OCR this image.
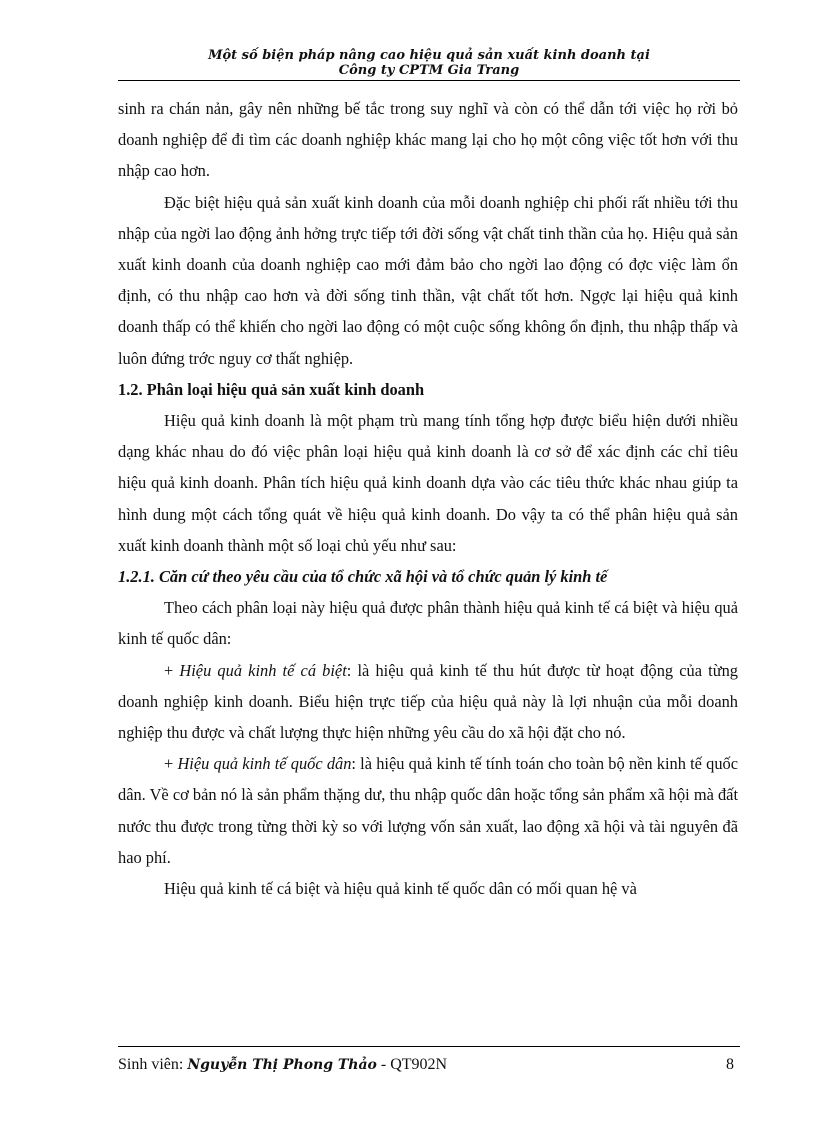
Một số biện pháp nâng cao hiệu quả sản xuất kinh doanh tại
Công ty CPTM Gia Trang

sinh ra chán nản, gây nên những bế tắc trong suy nghĩ và còn có thể dẫn tới việc họ rời bỏ doanh nghiệp để đi tìm các doanh nghiệp khác mang lại cho họ một công việc tốt hơn với thu nhập cao hơn.

Đặc biệt hiệu quả sản xuất kinh doanh của mỗi doanh nghiệp chi phối rất nhiều tới thu nhập của ngời lao động ảnh hởng trực tiếp tới đời sống vật chất tinh thần của họ. Hiệu quả sản xuất kinh doanh của doanh nghiệp cao mới đảm bảo cho ngời lao động có đợc việc làm ổn định, có thu nhập cao hơn và đời sống tinh thần, vật chất tốt hơn. Ngợc lại hiệu quả kinh doanh thấp có thể khiến cho ngời lao động có một cuộc sống không ổn định, thu nhập thấp và luôn đứng trớc nguy cơ thất nghiệp.

1.2. Phân loại hiệu quả sản xuất kinh doanh

Hiệu quả kinh doanh là một phạm trù mang tính tổng hợp được biểu hiện dưới nhiều dạng khác nhau do đó việc phân loại hiệu quả kinh doanh là cơ sở để xác định các chỉ tiêu hiệu quả kinh doanh. Phân tích hiệu quả kinh doanh dựa vào các tiêu thức khác nhau giúp ta hình dung một cách tổng quát về hiệu quả kinh doanh. Do vậy ta có thể phân hiệu quả sản xuất kinh doanh thành một số loại chủ yếu như sau:

1.2.1. Căn cứ theo yêu cầu của tổ chức xã hội và tổ chức quản lý kinh tế

Theo cách phân loại này hiệu quả được phân thành hiệu quả kinh tế cá biệt và hiệu quả kinh tế quốc dân:

+ Hiệu quả kinh tế cá biệt: là hiệu quả kinh tế thu hút được từ hoạt động của từng doanh nghiệp kinh doanh. Biểu hiện trực tiếp của hiệu quả này là lợi nhuận của mỗi doanh nghiệp thu được và chất lượng thực hiện những yêu cầu do xã hội đặt cho nó.

+ Hiệu quả kinh tế quốc dân: là hiệu quả kinh tế tính toán cho toàn bộ nền kinh tế quốc dân. Về cơ bản nó là sản phẩm thặng dư, thu nhập quốc dân hoặc tổng sản phẩm xã hội mà đất nước thu được trong từng thời kỳ so với lượng vốn sản xuất, lao động xã hội và tài nguyên đã hao phí.

Hiệu quả kinh tế cá biệt và hiệu quả kinh tế quốc dân có mối quan hệ và

Sinh viên: Nguyễn Thị Phong Thảo - QT902N	8
